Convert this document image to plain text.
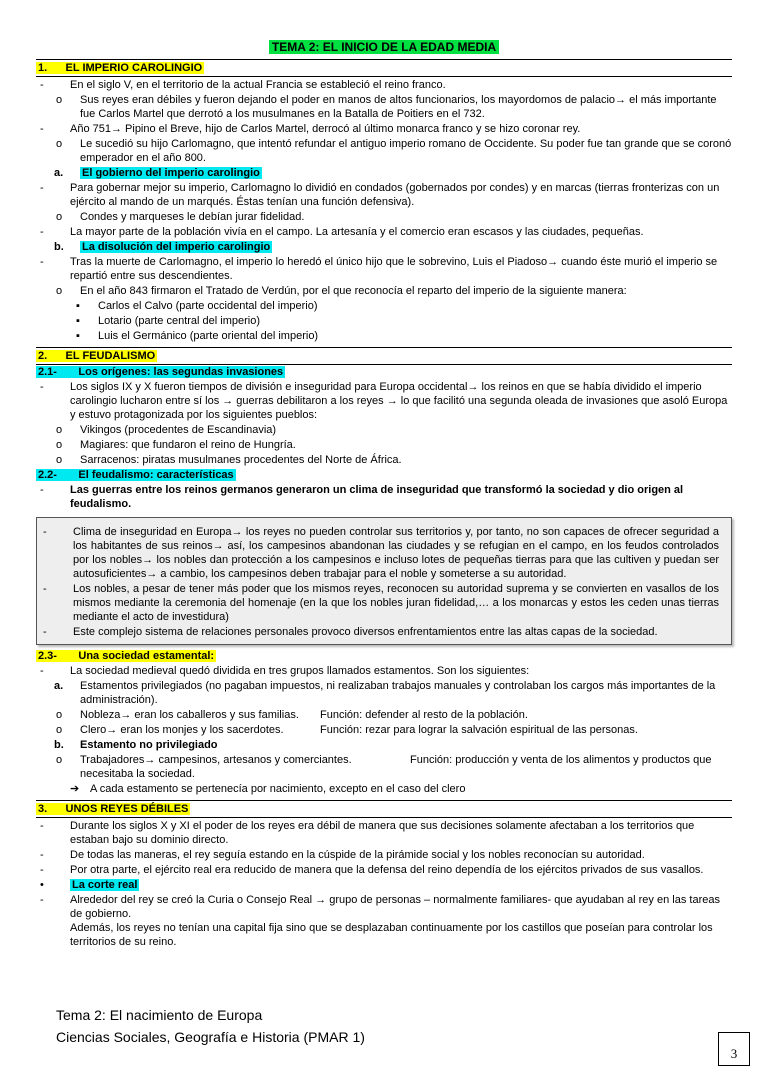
TEMA 2: EL INICIO DE LA EDAD MEDIA
1. EL IMPERIO CAROLINGIO
-	En el siglo V, en el territorio de la actual Francia se estableció el reino franco.
o	Sus reyes eran débiles y fueron dejando el poder en manos de altos funcionarios, los mayordomos de palacio→ el más importante fue Carlos Martel que derrotó a los musulmanes en la Batalla de Poitiers en el 732.
-	Año 751→ Pipino el Breve, hijo de Carlos Martel, derrocó al último monarca franco y se hizo coronar rey.
o	Le sucedió su hijo Carlomagno, que intentó refundar el antiguo imperio romano de Occidente. Su poder fue tan grande que se coronó emperador en el año 800.
a.	El gobierno del imperio carolingio
-	Para gobernar mejor su imperio, Carlomagno lo dividió en condados (gobernados por condes) y en marcas (tierras fronterizas con un ejército al mando de un marqués. Éstas tenían una función defensiva).
o	Condes y marqueses le debían jurar fidelidad.
-	La mayor parte de la población vivía en el campo. La artesanía y el comercio eran escasos y las ciudades, pequeñas.
b.	La disolución del imperio carolingio
-	Tras la muerte de Carlomagno, el imperio lo heredó el único hijo que le sobrevino, Luis el Piadoso→ cuando éste murió el imperio se repartió entre sus descendientes.
o	En el año 843 firmaron el Tratado de Verdún, por el que reconocía el reparto del imperio de la siguiente manera:
▪	Carlos el Calvo (parte occidental del imperio)
▪	Lotario (parte central del imperio)
▪	Luis el Germánico (parte oriental del imperio)
2. EL FEUDALISMO
2.1- Los orígenes: las segundas invasiones
-	Los siglos IX y X fueron tiempos de división e inseguridad para Europa occidental→ los reinos en que se había dividido el imperio carolingio lucharon entre sí los → guerras debilitaron a los reyes → lo que facilitó una segunda oleada de invasiones que asoló Europa y estuvo protagonizada por los siguientes pueblos:
o	Vikingos (procedentes de Escandinavia)
o	Magiares: que fundaron el reino de Hungría.
o	Sarracenos: piratas musulmanes procedentes del Norte de África.
2.2- El feudalismo: características
-	Las guerras entre los reinos germanos generaron un clima de inseguridad que transformó la sociedad y dio origen al feudalismo.
-	Clima de inseguridad en Europa→ los reyes no pueden controlar sus territorios y, por tanto, no son capaces de ofrecer seguridad a los habitantes de sus reinos→ así, los campesinos abandonan las ciudades y se refugian en el campo, en los feudos controlados por los nobles→ los nobles dan protección a los campesinos e incluso lotes de pequeñas tierras para que las cultiven y puedan ser autosuficientes→ a cambio, los campesinos deben trabajar para el noble y someterse a su autoridad.
-	Los nobles, a pesar de tener más poder que los mismos reyes, reconocen su autoridad suprema y se convierten en vasallos de los mismos mediante la ceremonia del homenaje (en la que los nobles juran fidelidad,… a los monarcas y estos les ceden unas tierras mediante el acto de investidura)
-	Este complejo sistema de relaciones personales provoco diversos enfrentamientos entre las altas capas de la sociedad.
2.3- Una sociedad estamental:
-	La sociedad medieval quedó dividida en tres grupos llamados estamentos. Son los siguientes:
a.	Estamentos privilegiados (no pagaban impuestos, ni realizaban trabajos manuales y controlaban los cargos más importantes de la administración).
o	Nobleza→ eran los caballeros y sus familias. Función: defender al resto de la población.
o	Clero→ eran los monjes y los sacerdotes.	Función: rezar para lograr la salvación espiritual de las personas.
b.	Estamento no privilegiado
o	Trabajadores→ campesinos, artesanos y comerciantes.	Función: producción y venta de los alimentos y productos que necesitaba la sociedad.
➔ A cada estamento se pertenecía por nacimiento, excepto en el caso del clero
3. UNOS REYES DÉBILES
-	Durante los siglos X y XI el poder de los reyes era débil de manera que sus decisiones solamente afectaban a los territorios que estaban bajo su dominio directo.
-	De todas las maneras, el rey seguía estando en la cúspide de la pirámide social y los nobles reconocían su autoridad.
-	Por otra parte, el ejército real era reducido de manera que la defensa del reino dependía de los ejércitos privados de sus vasallos.
•	La corte real
-	Alrededor del rey se creó la Curia o Consejo Real → grupo de personas – normalmente familiares- que ayudaban al rey en las tareas de gobierno.
Además, los reyes no tenían una capital fija sino que se desplazaban continuamente por los castillos que poseían para controlar los territorios de su reino.
Tema 2: El nacimiento de Europa
Ciencias Sociales, Geografía e Historia (PMAR 1)
3
